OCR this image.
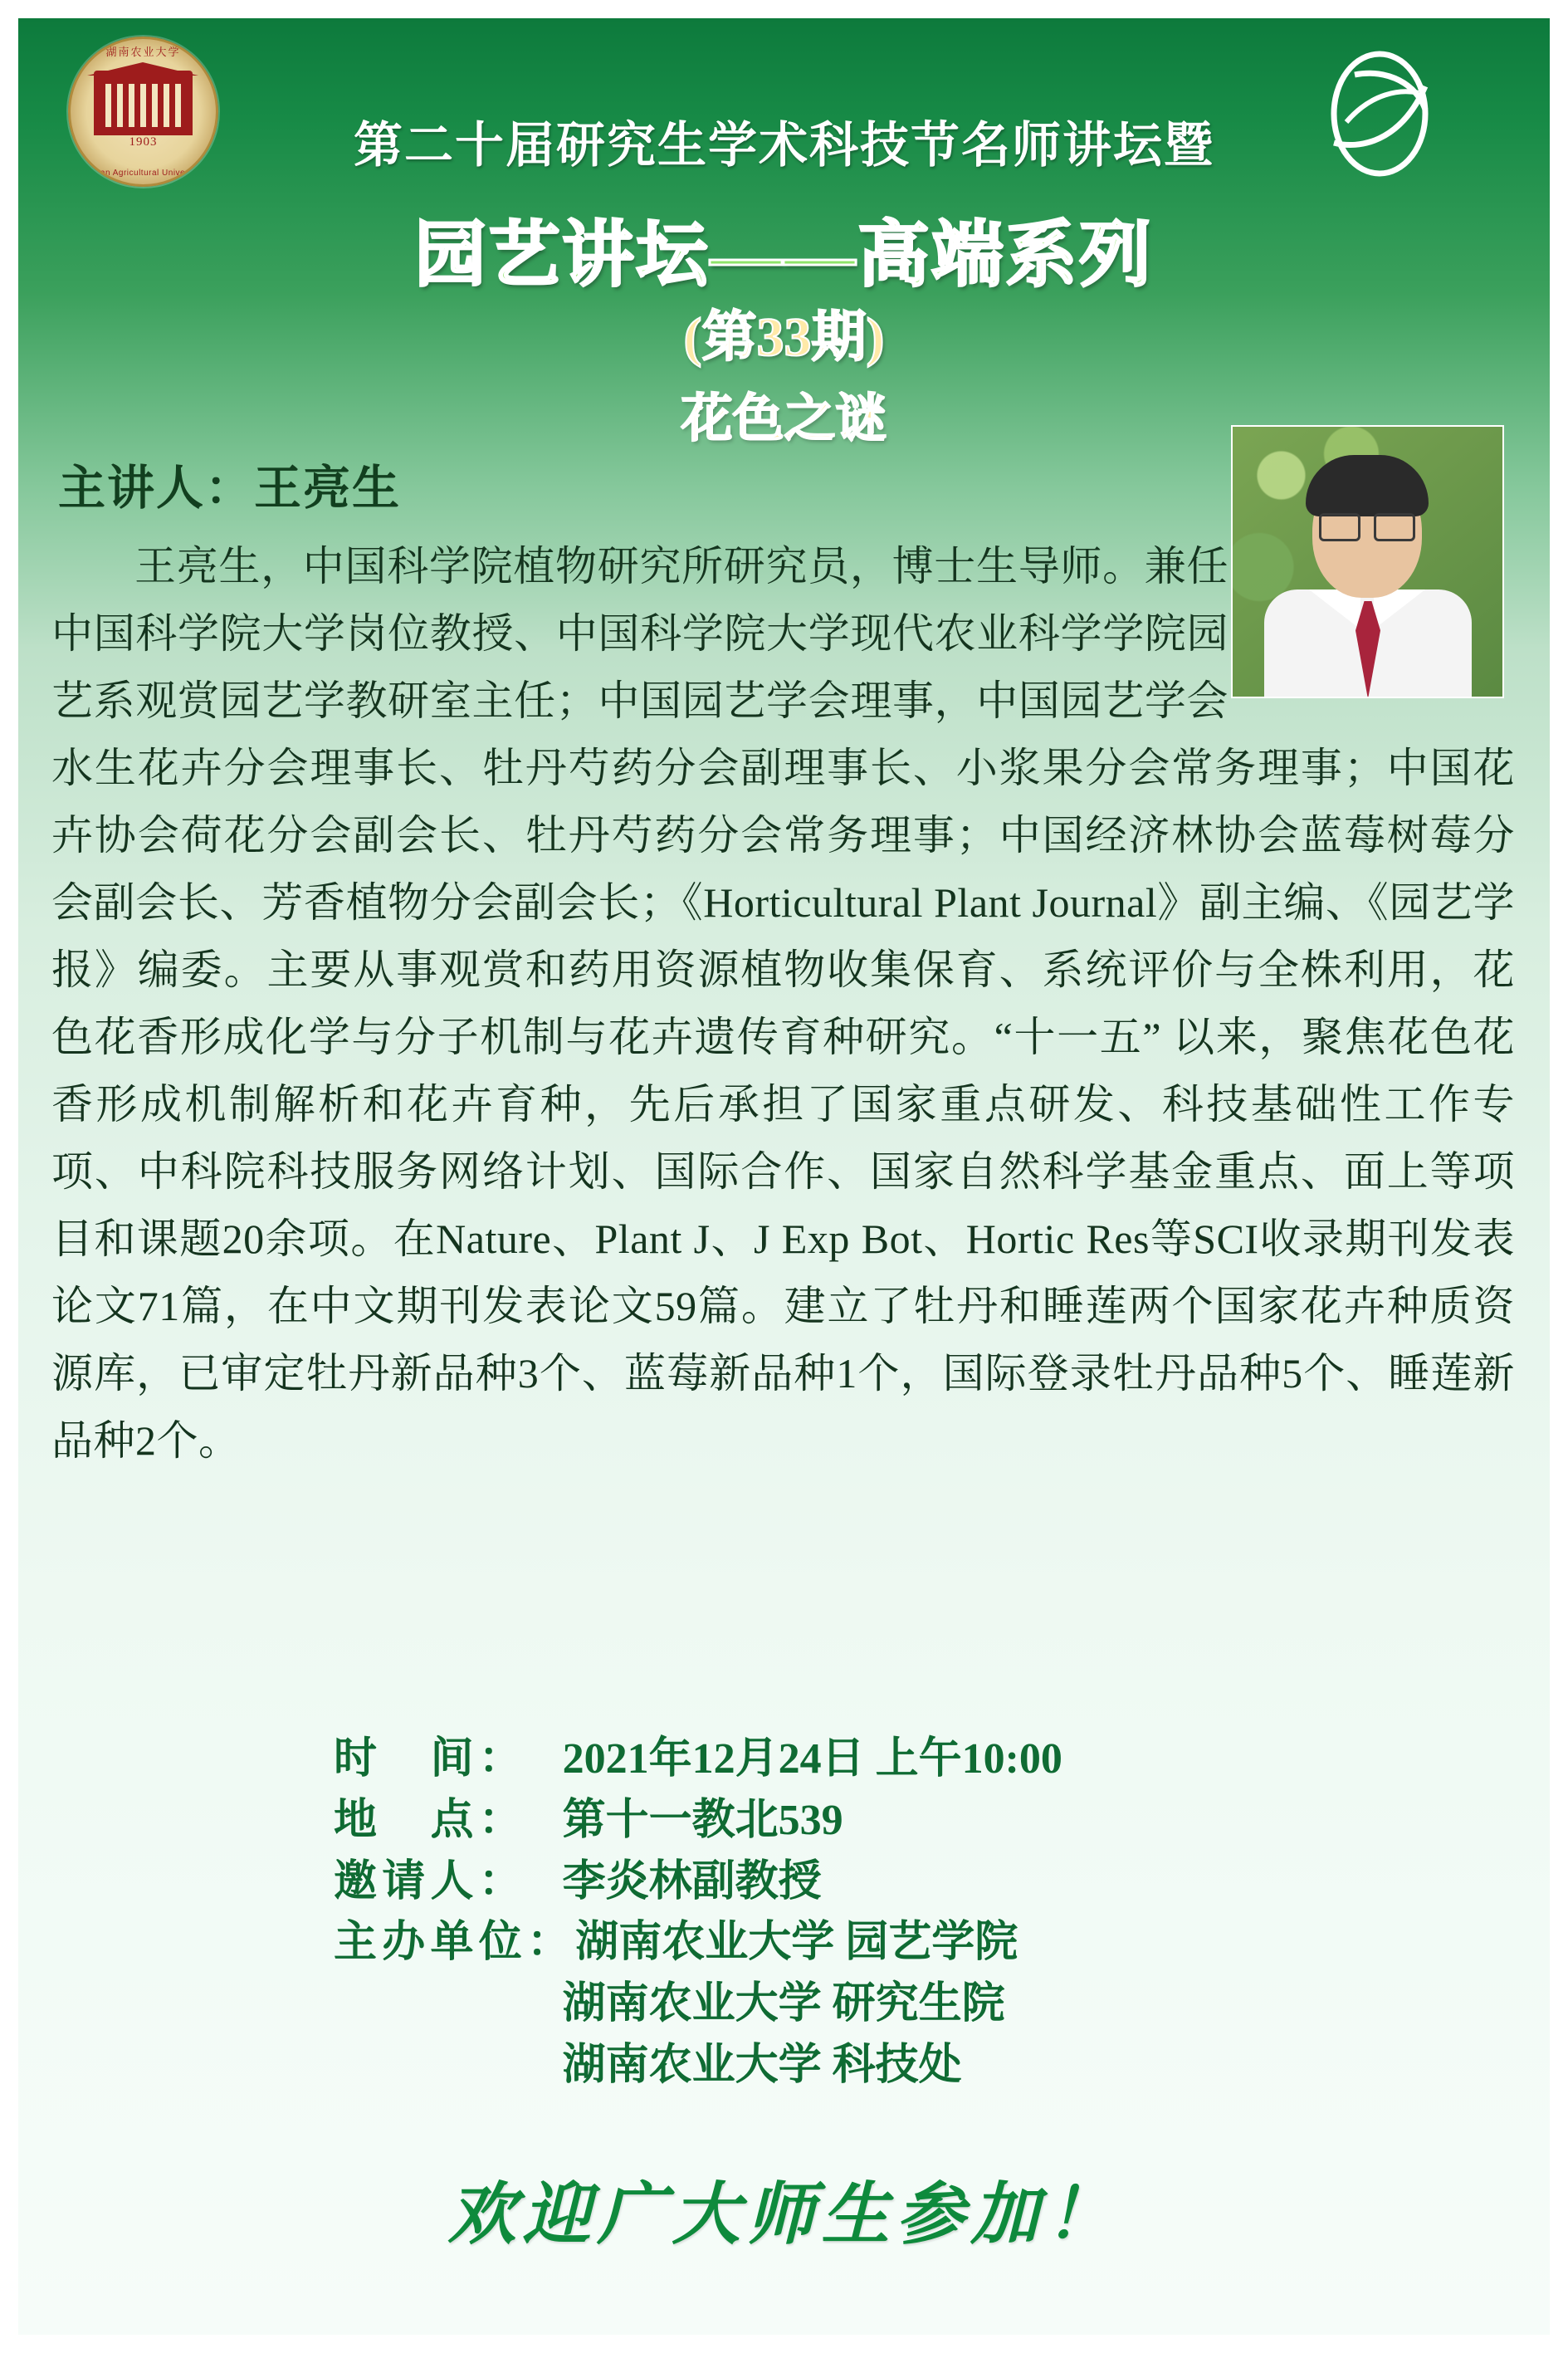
湖南农业大学
1903
Hunan Agricultural University
第二十届研究生学术科技节名师讲坛暨
园艺讲坛——高端系列
(第33期)
花色之谜
主讲人：王亮生
王亮生，中国科学院植物研究所研究员，博士生导师。兼任中国科学院大学岗位教授、中国科学院大学现代农业科学学院园艺系观赏园艺学教研室主任；中国园艺学会理事，中国园艺学会水生花卉分会理事长、牡丹芍药分会副理事长、小浆果分会常务理事；中国花卉协会荷花分会副会长、牡丹芍药分会常务理事；中国经济林协会蓝莓树莓分会副会长、芳香植物分会副会长；《Horticultural Plant Journal》副主编、《园艺学报》编委。主要从事观赏和药用资源植物收集保育、系统评价与全株利用，花色花香形成化学与分子机制与花卉遗传育种研究。“十一五” 以来，聚焦花色花香形成机制解析和花卉育种，先后承担了国家重点研发、科技基础性工作专项、中科院科技服务网络计划、国际合作、国家自然科学基金重点、面上等项目和课题20余项。在Nature、Plant J、J Exp Bot、Hortic Res等SCI收录期刊发表论文71篇，在中文期刊发表论文59篇。建立了牡丹和睡莲两个国家花卉种质资源库，已审定牡丹新品种3个、蓝莓新品种1个，国际登录牡丹品种5个、睡莲新品种2个。
时　间： 2021年12月24日 上午10:00
地　点： 第十一教北539
邀请人： 李炎林副教授
主办单位：湖南农业大学 园艺学院
湖南农业大学 研究生院
湖南农业大学 科技处
欢迎广大师生参加！
